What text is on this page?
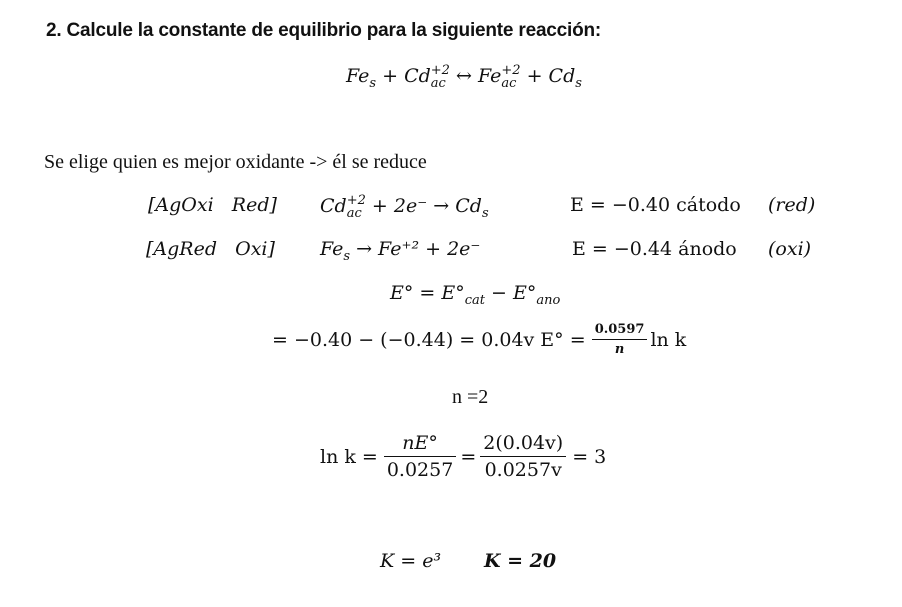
2. Calcule la constante de equilibrio para la siguiente reacción:
$Fe_s + Cd +2$
ac ↔ Fe +2
ac + $Cd_s$
Se elige quien es mejor oxidante -> él se reduce
[AgOxi   Red] Cd +2
ac + $2e^- \to Cd_s$	E = −0.40 cátodo (red)
[AgRed   Oxi] $Fe_s \to Fe^{+2} + 2e^-$	E = −0.44 ánodo (oxi)
$E^\circ = E^\circ_{cat} - E^\circ_{ano}$
= −0.40 − (−0.44) = 0.04v $E^\circ = \frac{0.0597}{n}$ ln k
n =2
$\ln k = \frac{nE^\circ}{0.0257} = \frac{2(0.04v)}{0.0257v} = 3$
K = e³ K = 20
